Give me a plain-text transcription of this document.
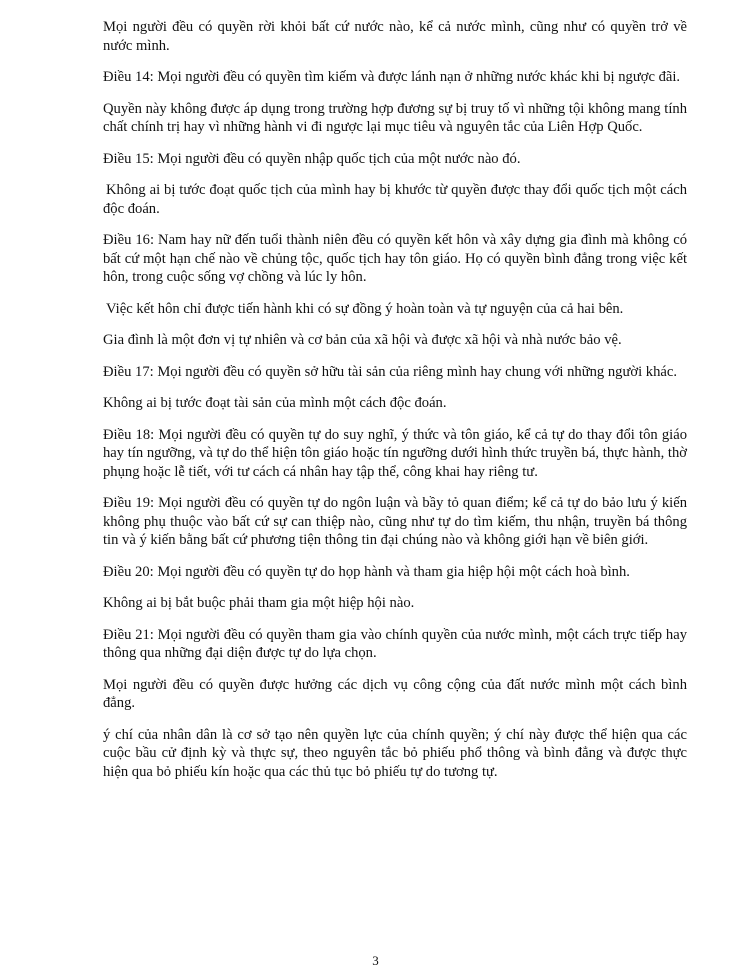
Mọi người đều có quyền rời khỏi bất cứ nước nào, kể cả nước mình, cũng như có quyền trở về nước mình.

Điều 14: Mọi người đều có quyền tìm kiếm và được lánh nạn ở những nước khác khi bị ngược đãi.

Quyền này không được áp dụng trong trường hợp đương sự bị truy tố vì những tội không mang tính chất chính trị hay vì những hành vi đi ngược lại mục tiêu và nguyên tắc của Liên Hợp Quốc.

Điều 15: Mọi người đều có quyền nhập quốc tịch của một nước nào đó.

Không ai bị tước đoạt quốc tịch của mình hay bị khước từ quyền được thay đổi quốc tịch một cách độc đoán.

Điều 16: Nam hay nữ đến tuổi thành niên đều có quyền kết hôn và xây dựng gia đình mà không có bất cứ một hạn chế nào về chủng tộc, quốc tịch hay tôn giáo. Họ có quyền bình đẳng trong việc kết hôn, trong cuộc sống vợ chồng và lúc ly hôn.

Việc kết hôn chỉ được tiến hành khi có sự đồng ý hoàn toàn và tự nguyện của cả hai bên.

Gia đình là một đơn vị tự nhiên và cơ bản của xã hội và được xã hội và nhà nước bảo vệ.

Điều 17: Mọi người đều có quyền sở hữu tài sản của riêng mình hay chung với những người khác.

Không ai bị tước đoạt tài sản của mình một cách độc đoán.

Điều 18: Mọi người đều có quyền tự do suy nghĩ, ý thức và tôn giáo, kể cả tự do thay đổi tôn giáo hay tín ngưỡng, và tự do thể hiện tôn giáo hoặc tín ngưỡng dưới hình thức truyền bá, thực hành, thờ phụng hoặc lễ tiết, với tư cách cá nhân hay tập thể, công khai hay riêng tư.

Điều 19: Mọi người đều có quyền tự do ngôn luận và bầy tỏ quan điểm; kể cả tự do bảo lưu ý kiến không phụ thuộc vào bất cứ sự can thiệp nào, cũng như tự do tìm kiếm, thu nhận, truyền bá thông tin và ý kiến bằng bất cứ phương tiện thông tin đại chúng nào và không giới hạn về biên giới.

Điều 20: Mọi người đều có quyền tự do họp hành và tham gia hiệp hội một cách hoà bình.

Không ai bị bắt buộc phải tham gia một hiệp hội nào.

Điều 21: Mọi người đều có quyền tham gia vào chính quyền của nước mình, một cách trực tiếp hay thông qua những đại diện được tự do lựa chọn.

Mọi người đều có quyền được hưởng các dịch vụ công cộng của đất nước mình một cách bình đẳng.

ý chí của nhân dân là cơ sở tạo nên quyền lực của chính quyền; ý chí này được thể hiện qua các cuộc bầu cử định kỳ và thực sự, theo nguyên tắc bỏ phiếu phổ thông và bình đẳng và được thực hiện qua bỏ phiếu kín hoặc qua các thủ tục bỏ phiếu tự do tương tự.

3
